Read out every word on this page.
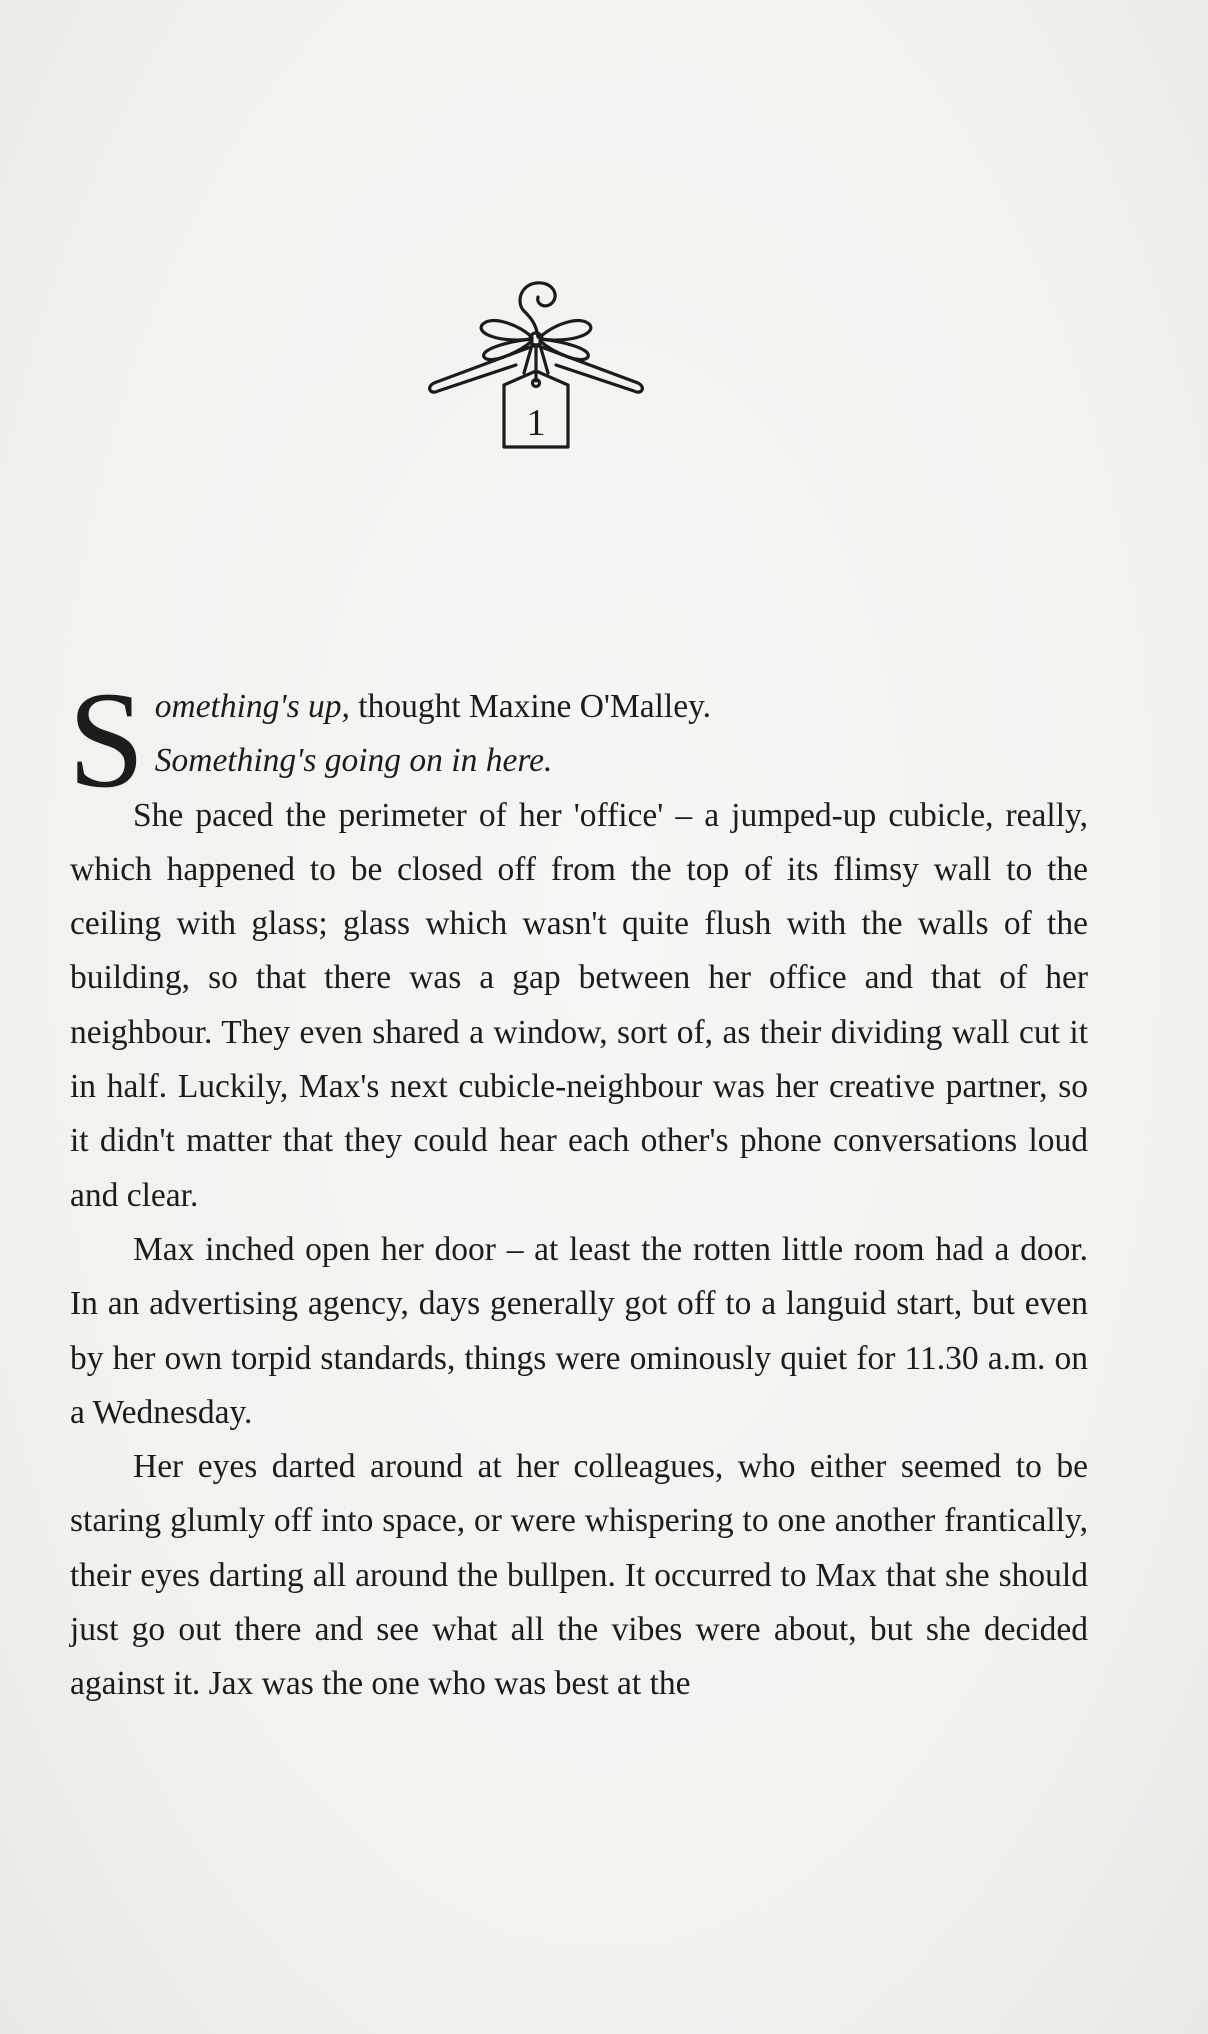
1

Something's up, thought Maxine O'Malley.

Something's going on in here.

She paced the perimeter of her 'office' – a jumped-up cubicle, really, which happened to be closed off from the top of its flimsy wall to the ceiling with glass; glass which wasn't quite flush with the walls of the building, so that there was a gap between her office and that of her neighbour. They even shared a window, sort of, as their dividing wall cut it in half. Luckily, Max's next cubicle-neighbour was her creative partner, so it didn't matter that they could hear each other's phone conversations loud and clear.

Max inched open her door – at least the rotten little room had a door. In an advertising agency, days generally got off to a languid start, but even by her own torpid standards, things were ominously quiet for 11.30 a.m. on a Wednesday.

Her eyes darted around at her colleagues, who either seemed to be staring glumly off into space, or were whispering to one another frantically, their eyes darting all around the bullpen. It occurred to Max that she should just go out there and see what all the vibes were about, but she decided against it. Jax was the one who was best at the
